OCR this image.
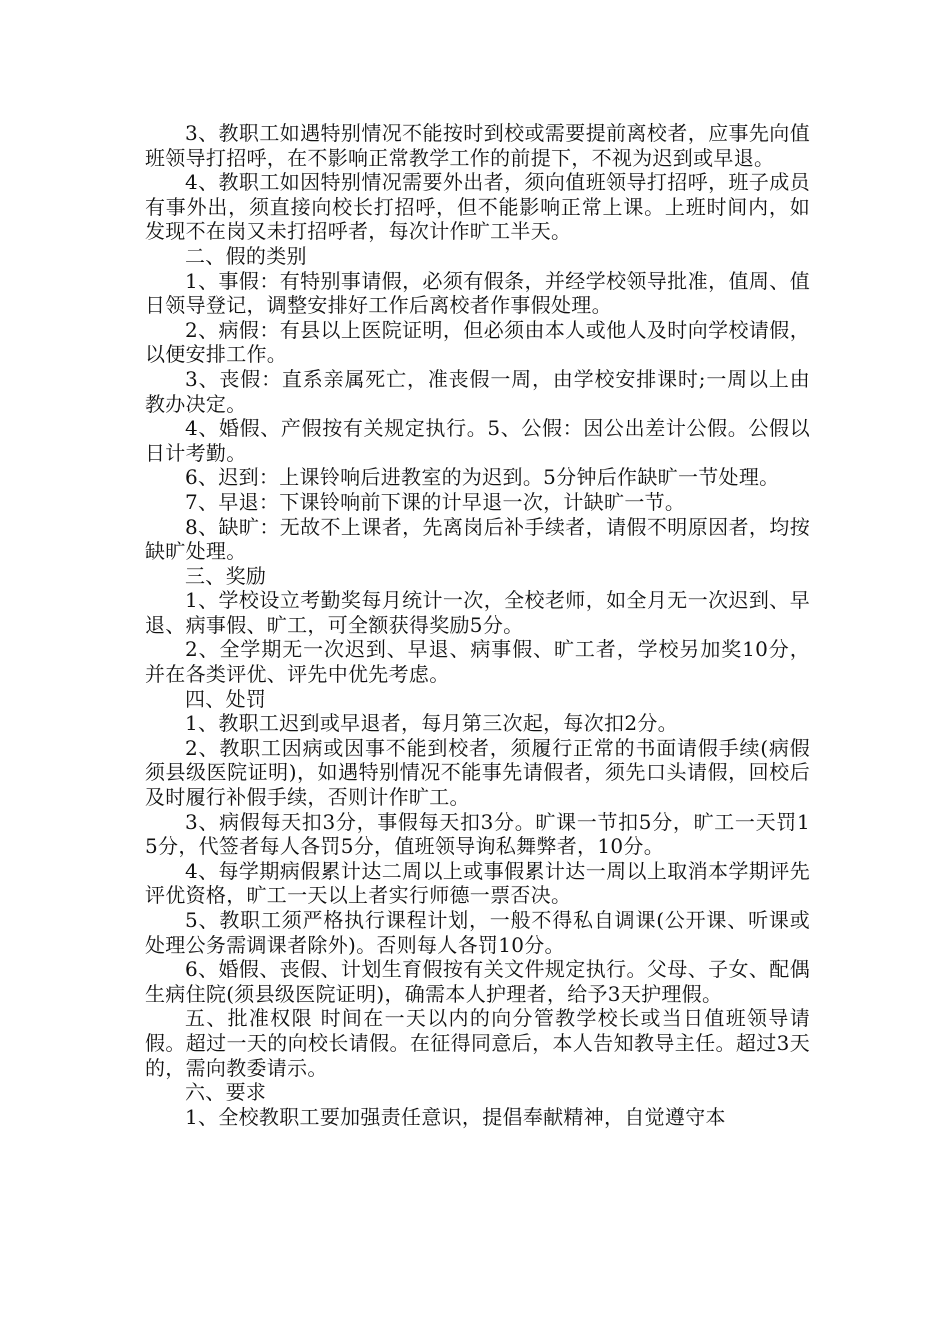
3、教职工如遇特别情况不能按时到校或需要提前离校者，应事先向值班领导打招呼，在不影响正常教学工作的前提下，不视为迟到或早退。

4、教职工如因特别情况需要外出者，须向值班领导打招呼，班子成员有事外出，须直接向校长打招呼，但不能影响正常上课。上班时间内，如发现不在岗又未打招呼者，每次计作旷工半天。

二、假的类别

1、事假：有特别事请假，必须有假条，并经学校领导批准，值周、值日领导登记，调整安排好工作后离校者作事假处理。

2、病假：有县以上医院证明，但必须由本人或他人及时向学校请假，以便安排工作。

3、丧假：直系亲属死亡，准丧假一周，由学校安排课时;一周以上由教办决定。

4、婚假、产假按有关规定执行。5、公假：因公出差计公假。公假以日计考勤。

6、迟到：上课铃响后进教室的为迟到。5分钟后作缺旷一节处理。

7、早退：下课铃响前下课的计早退一次，计缺旷一节。

8、缺旷：无故不上课者，先离岗后补手续者，请假不明原因者，均按缺旷处理。

三、奖励

1、学校设立考勤奖每月统计一次，全校老师，如全月无一次迟到、早退、病事假、旷工，可全额获得奖励5分。

2、全学期无一次迟到、早退、病事假、旷工者，学校另加奖10分，并在各类评优、评先中优先考虑。

四、处罚

1、教职工迟到或早退者，每月第三次起，每次扣2分。

2、教职工因病或因事不能到校者，须履行正常的书面请假手续(病假须县级医院证明)，如遇特别情况不能事先请假者，须先口头请假，回校后及时履行补假手续，否则计作旷工。

3、病假每天扣3分，事假每天扣3分。旷课一节扣5分，旷工一天罚15分，代签者每人各罚5分，值班领导询私舞弊者，10分。

4、每学期病假累计达二周以上或事假累计达一周以上取消本学期评先评优资格，旷工一天以上者实行师德一票否决。

5、教职工须严格执行课程计划，一般不得私自调课(公开课、听课或处理公务需调课者除外)。否则每人各罚10分。

6、婚假、丧假、计划生育假按有关文件规定执行。父母、子女、配偶生病住院(须县级医院证明)，确需本人护理者，给予3天护理假。

五、批准权限 时间在一天以内的向分管教学校长或当日值班领导请假。超过一天的向校长请假。在征得同意后，本人告知教导主任。超过3天的，需向教委请示。

六、要求

1、全校教职工要加强责任意识，提倡奉献精神，自觉遵守本
